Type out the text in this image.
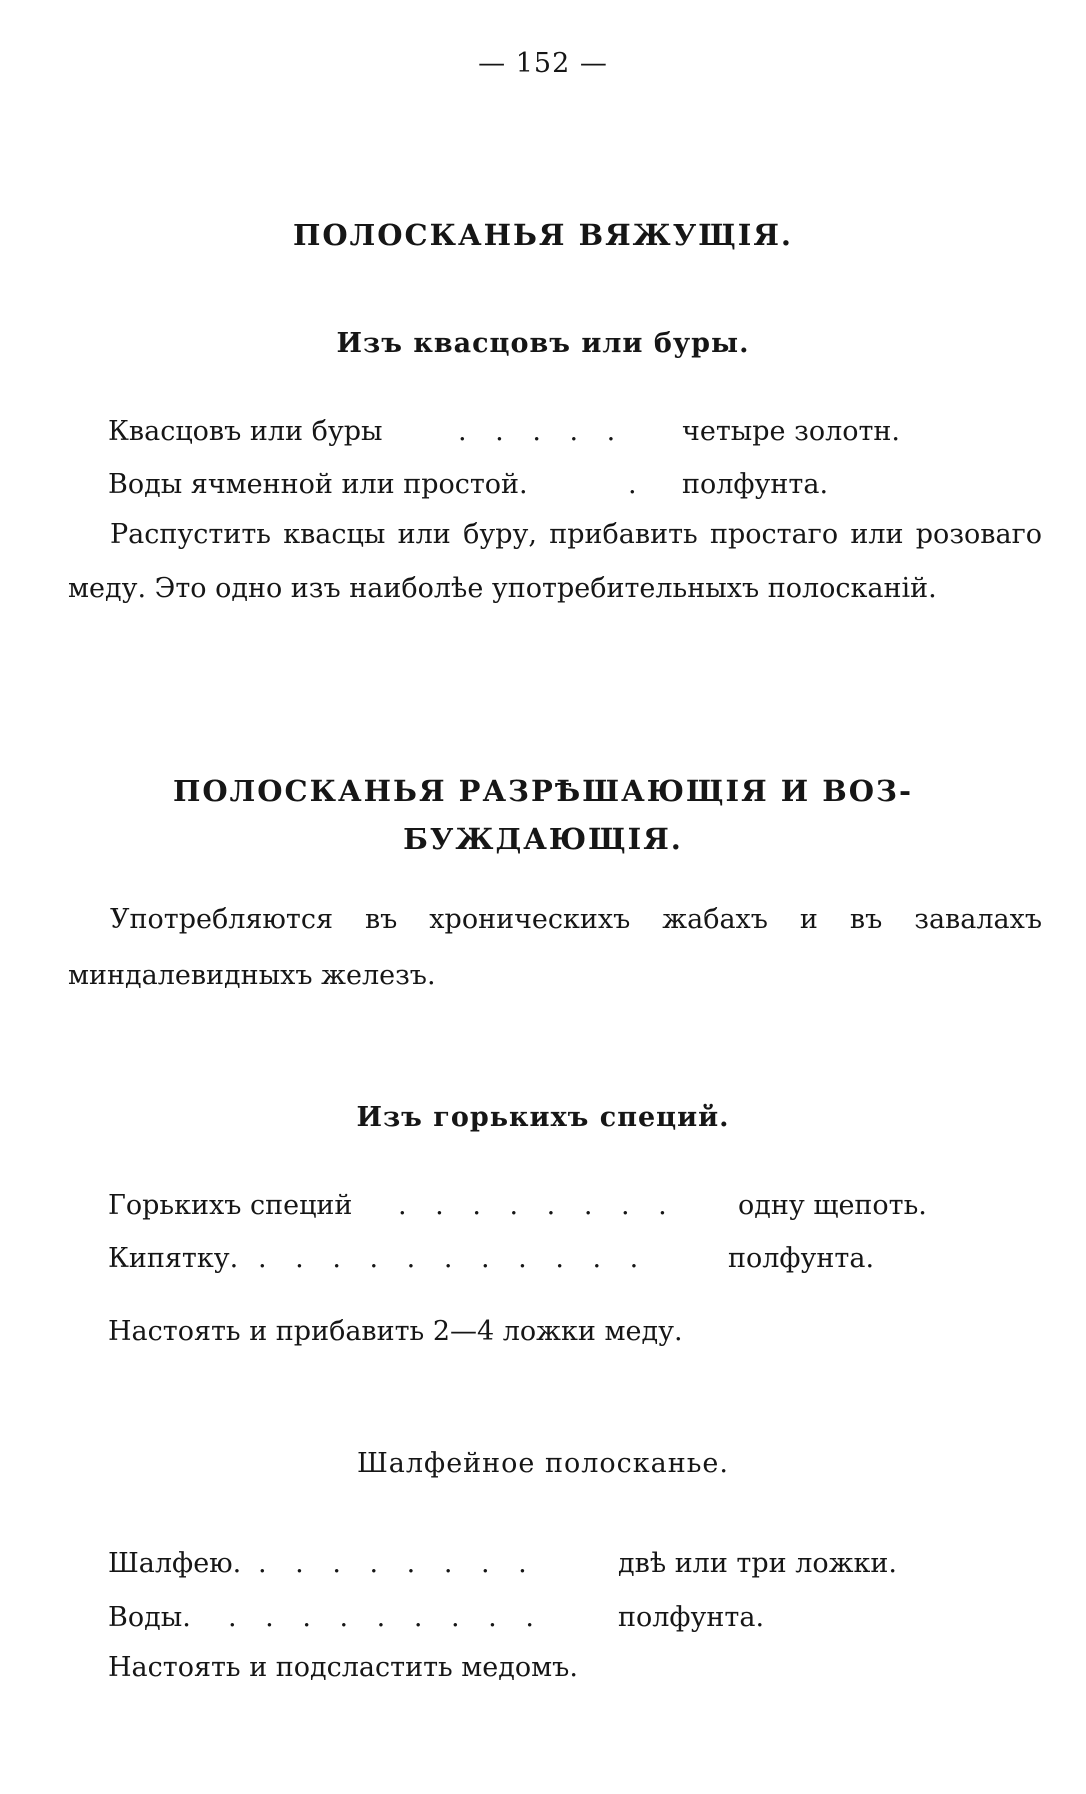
— 152 —
ПОЛОСКАНЬЯ ВЯЖУЩІЯ.
Изъ квасцовъ или буры.
Квасцовъ или буры	. . . . . четыре золотн.
Воды ячменной или простой.	. полфунта.
Распустить квасцы или буру, прибавить простаго или розоваго меду. Это одно изъ наиболѣе употребительныхъ полосканій.
ПОЛОСКАНЬЯ РАЗРѢШАЮЩІЯ И ВОЗ-
БУЖДАЮЩІЯ.
Употребляются въ хроническихъ жабахъ и въ завалахъ миндалевидныхъ железъ.
Изъ горькихъ специй.
Горькихъ специй . . . . . . . . одну щепоть.
Кипятку. . . . . . . . . . . .	полфунта.
Настоять и прибавить 2—4 ложки меду.
Шалфейное полосканье.
Шалфею. . . . . . . . .	двѣ или три ложки.
Воды. . . . . . . . . .	полфунта.
Настоять и подсластить медомъ.
